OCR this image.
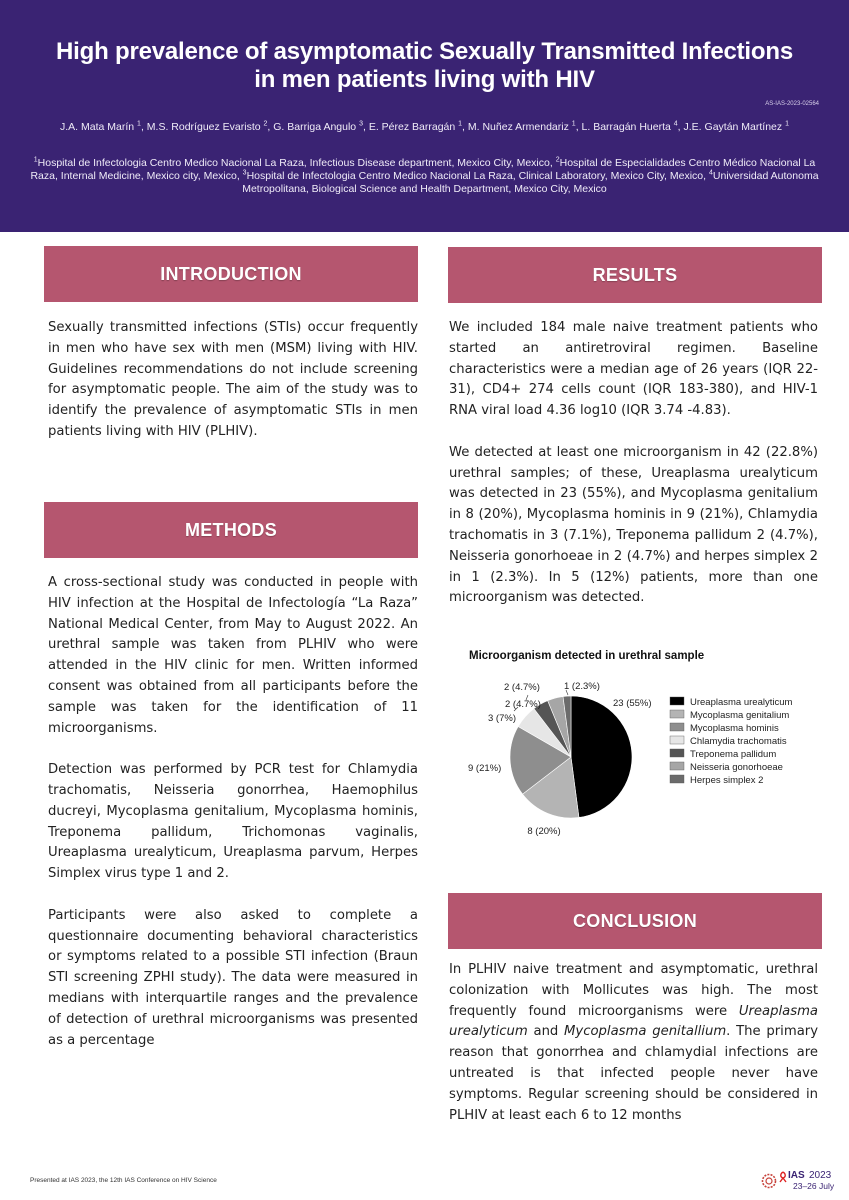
High prevalence of asymptomatic Sexually Transmitted Infections
in men patients living with HIV
AS-IAS-2023-02564
J.A. Mata Marín $^1$, M.S. Rodríguez Evaristo $^2$, G. Barriga Angulo $^3$, E. Pérez Barragán $^1$, M. Nuñez Armendariz $^1$, L. Barragán Huerta $^4$, J.E. Gaytán Martínez $^1$
$^1$Hospital de Infectologia Centro Medico Nacional La Raza, Infectious Disease department, Mexico City, Mexico, $^2$Hospital de Especialidades Centro Médico Nacional La Raza, Internal Medicine, Mexico city, Mexico, $^3$Hospital de Infectologia Centro Medico Nacional La Raza, Clinical Laboratory, Mexico City, Mexico, $^4$Universidad Autonoma Metropolitana, Biological Science and Health Department, Mexico City, Mexico
INTRODUCTION
Sexually transmitted infections (STIs) occur frequently in men who have sex with men (MSM) living with HIV. Guidelines recommendations do not include screening for asymptomatic people. The aim of the study was to identify the prevalence of asymptomatic STIs in men patients living with HIV (PLHIV).
METHODS
A cross-sectional study was conducted in people with HIV infection at the Hospital de Infectología “La Raza” National Medical Center, from May to August 2022. An urethral sample was taken from PLHIV who were attended in the HIV clinic for men. Written informed consent was obtained from all participants before the sample was taken for the identification of 11 microorganisms.
Detection was performed by PCR test for Chlamydia trachomatis, Neisseria gonorrhea, Haemophilus ducreyi, Mycoplasma genitalium, Mycoplasma hominis, Treponema pallidum, Trichomonas vaginalis, Ureaplasma urealyticum, Ureaplasma parvum, Herpes Simplex virus type 1 and 2.
Participants were also asked to complete a questionnaire documenting behavioral characteristics or symptoms related to a possible STI infection (Braun STI screening ZPHI study). The data were measured in medians with interquartile ranges and the prevalence of detection of urethral microorganisms was presented as a percentage
RESULTS
We included 184 male naive treatment patients who started an antiretroviral regimen. Baseline characteristics were a median age of 26 years (IQR 22-31), CD4+ 274 cells count (IQR 183-380), and HIV-1 RNA viral load 4.36 log10 (IQR 3.74 -4.83).
We detected at least one microorganism in 42 (22.8%) urethral samples; of these, Ureaplasma urealyticum was detected in 23 (55%), and Mycoplasma genitalium in 8 (20%), Mycoplasma hominis in 9 (21%), Chlamydia trachomatis in 3 (7.1%), Treponema pallidum 2 (4.7%), Neisseria gonorhoeae in 2 (4.7%) and herpes simplex 2 in 1 (2.3%). In 5 (12%) patients, more than one microorganism was detected.
Microorganism detected in urethral sample
23 (55%)
8 (20%)
9 (21%)
3 (7%)
2 (4.7%)
2 (4.7%)	1 (2.3%)
Ureaplasma urealyticum
Mycoplasma genitalium
Mycoplasma hominis
Chlamydia trachomatis
Treponema pallidum
Neisseria gonorhoeae
Herpes simplex 2
CONCLUSION
In PLHIV naive treatment and asymptomatic, urethral colonization with Mollicutes was high. The most frequently found microorganisms were Ureaplasma urealyticum and Mycoplasma genitallium. The primary reason that gonorrhea and chlamydial infections are untreated is that infected people never have symptoms. Regular screening should be considered in PLHIV at least each 6 to 12 months
Presented at IAS 2023, the 12th IAS Conference on HIV Science	IAS 2023
23–26 July
